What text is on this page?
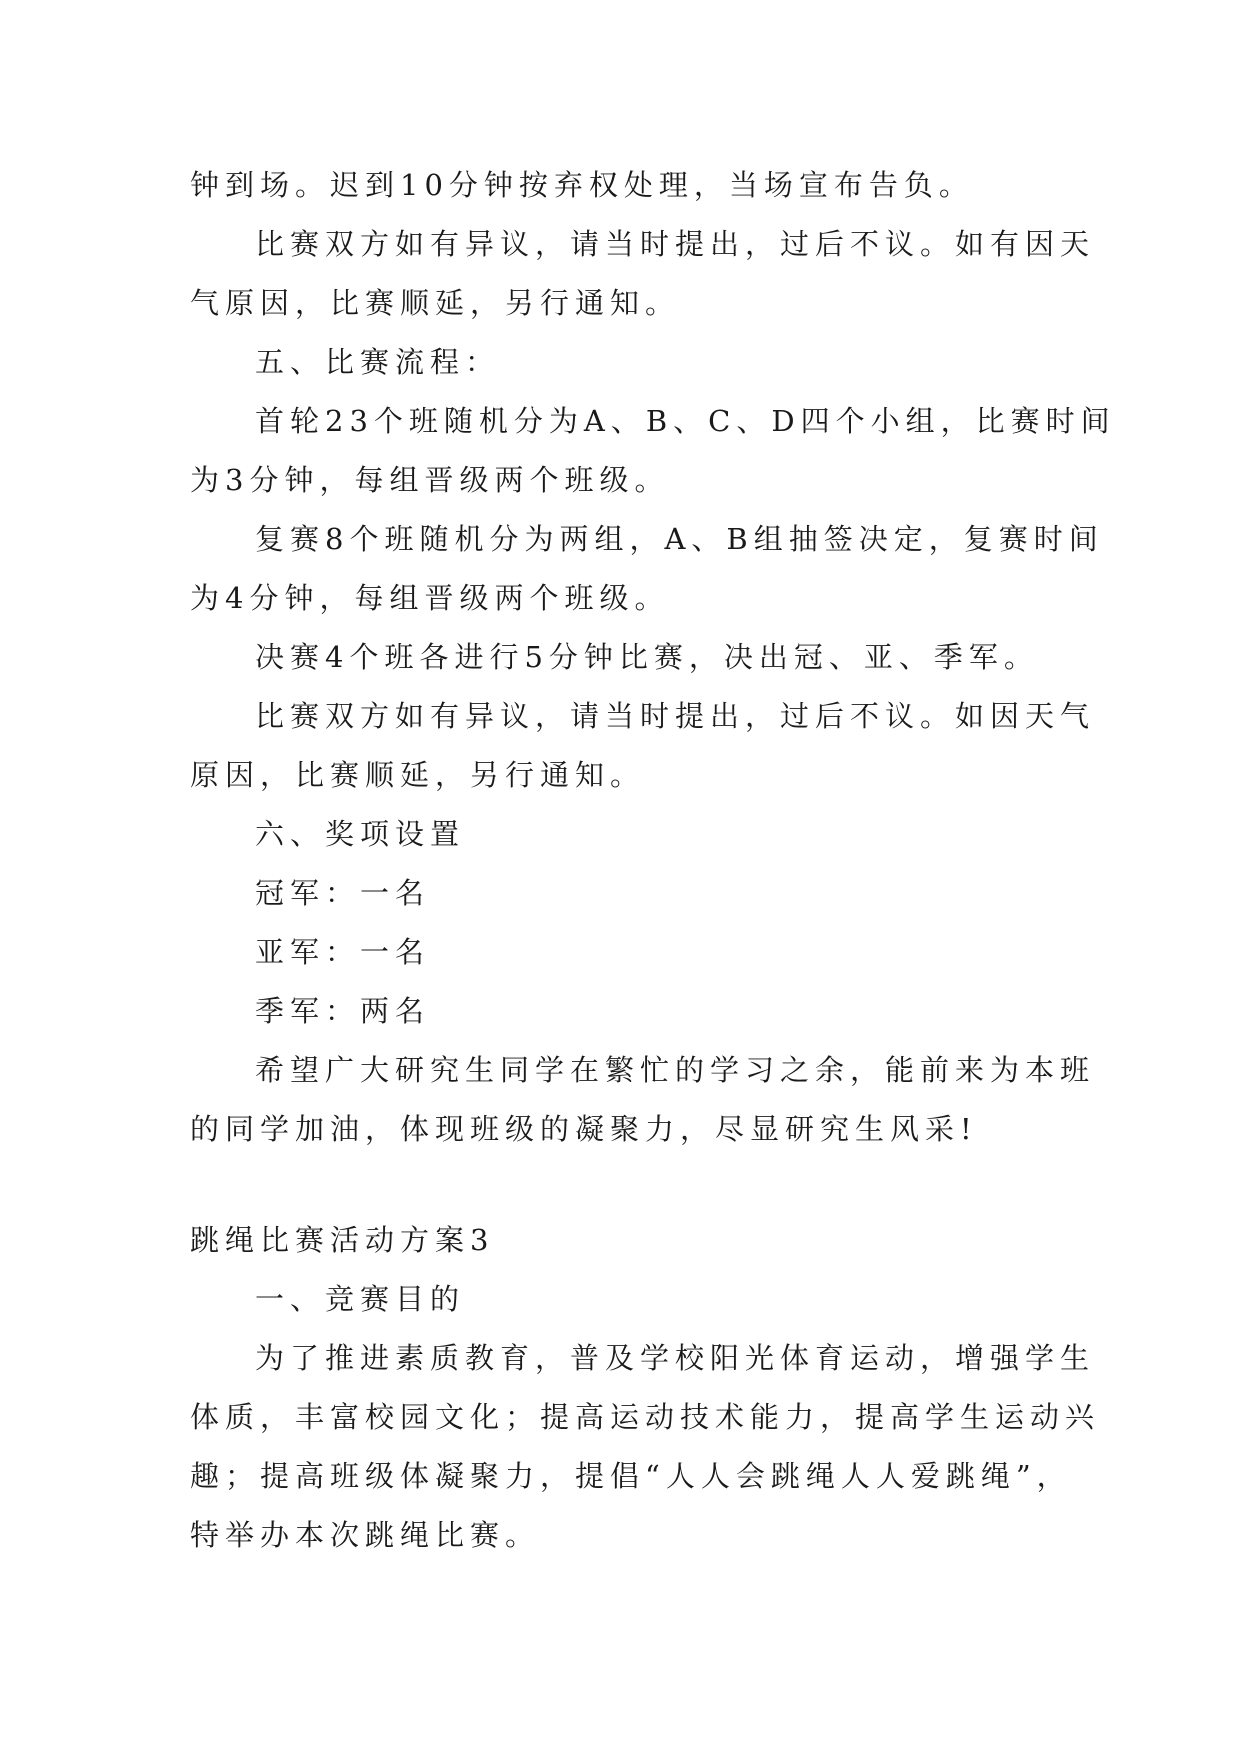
钟到场。迟到10分钟按弃权处理，当场宣布告负。
比赛双方如有异议，请当时提出，过后不议。如有因天
气原因，比赛顺延，另行通知。
五、比赛流程：
首轮23个班随机分为A、B、C、D四个小组，比赛时间
为3分钟，每组晋级两个班级。
复赛8个班随机分为两组，A、B组抽签决定，复赛时间
为4分钟，每组晋级两个班级。
决赛4个班各进行5分钟比赛，决出冠、亚、季军。
比赛双方如有异议，请当时提出，过后不议。如因天气
原因，比赛顺延，另行通知。
六、奖项设置
冠军：一名
亚军：一名
季军：两名
希望广大研究生同学在繁忙的学习之余，能前来为本班
的同学加油，体现班级的凝聚力，尽显研究生风采!
跳绳比赛活动方案3
一、竞赛目的
为了推进素质教育，普及学校阳光体育运动，增强学生
体质，丰富校园文化；提高运动技术能力，提高学生运动兴
趣；提高班级体凝聚力，提倡“人人会跳绳人人爱跳绳”，
特举办本次跳绳比赛。
